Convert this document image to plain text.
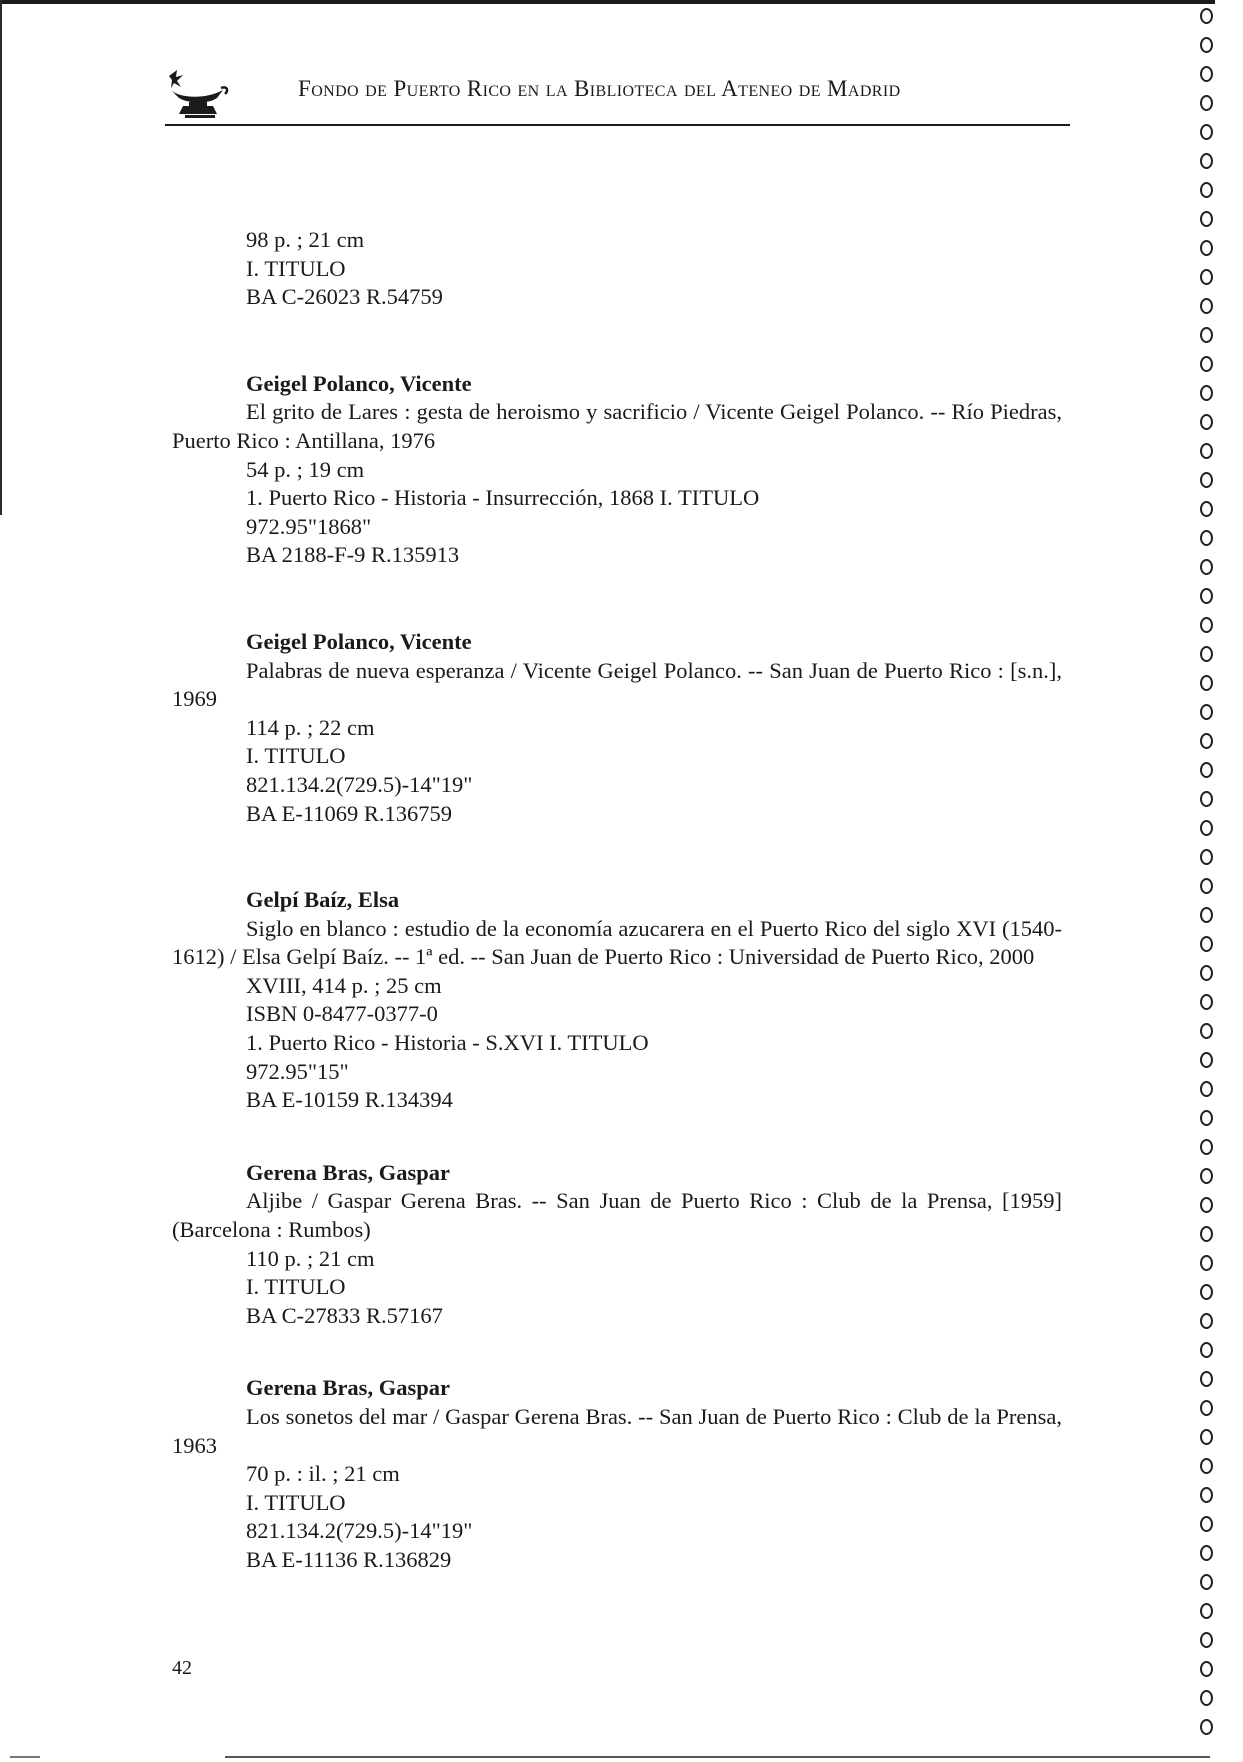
Fondo de Puerto Rico en la Biblioteca del Ateneo de Madrid
98 p. ; 21 cm
I. TITULO
BA C-26023 R.54759
Geigel Polanco, Vicente
El grito de Lares : gesta de heroismo y sacrificio / Vicente Geigel Polanco. -- Río Piedras, Puerto Rico : Antillana, 1976
54 p. ; 19 cm
1. Puerto Rico - Historia - Insurrección, 1868 I. TITULO
972.95"1868"
BA 2188-F-9 R.135913
Geigel Polanco, Vicente
Palabras de nueva esperanza / Vicente Geigel Polanco. -- San Juan de Puerto Rico : [s.n.], 1969
114 p. ; 22 cm
I. TITULO
821.134.2(729.5)-14"19"
BA E-11069 R.136759
Gelpí Baíz, Elsa
Siglo en blanco : estudio de la economía azucarera en el Puerto Rico del siglo XVI (1540-1612) / Elsa Gelpí Baíz. -- 1ª ed. -- San Juan de Puerto Rico : Universidad de Puerto Rico, 2000
XVIII, 414 p. ; 25 cm
ISBN 0-8477-0377-0
1. Puerto Rico - Historia - S.XVI I. TITULO
972.95"15"
BA E-10159 R.134394
Gerena Bras, Gaspar
Aljibe / Gaspar Gerena Bras. -- San Juan de Puerto Rico : Club de la Prensa, [1959] (Barcelona : Rumbos)
110 p. ; 21 cm
I. TITULO
BA C-27833 R.57167
Gerena Bras, Gaspar
Los sonetos del mar / Gaspar Gerena Bras. -- San Juan de Puerto Rico : Club de la Prensa, 1963
70 p. : il. ; 21 cm
I. TITULO
821.134.2(729.5)-14"19"
BA E-11136 R.136829
42
